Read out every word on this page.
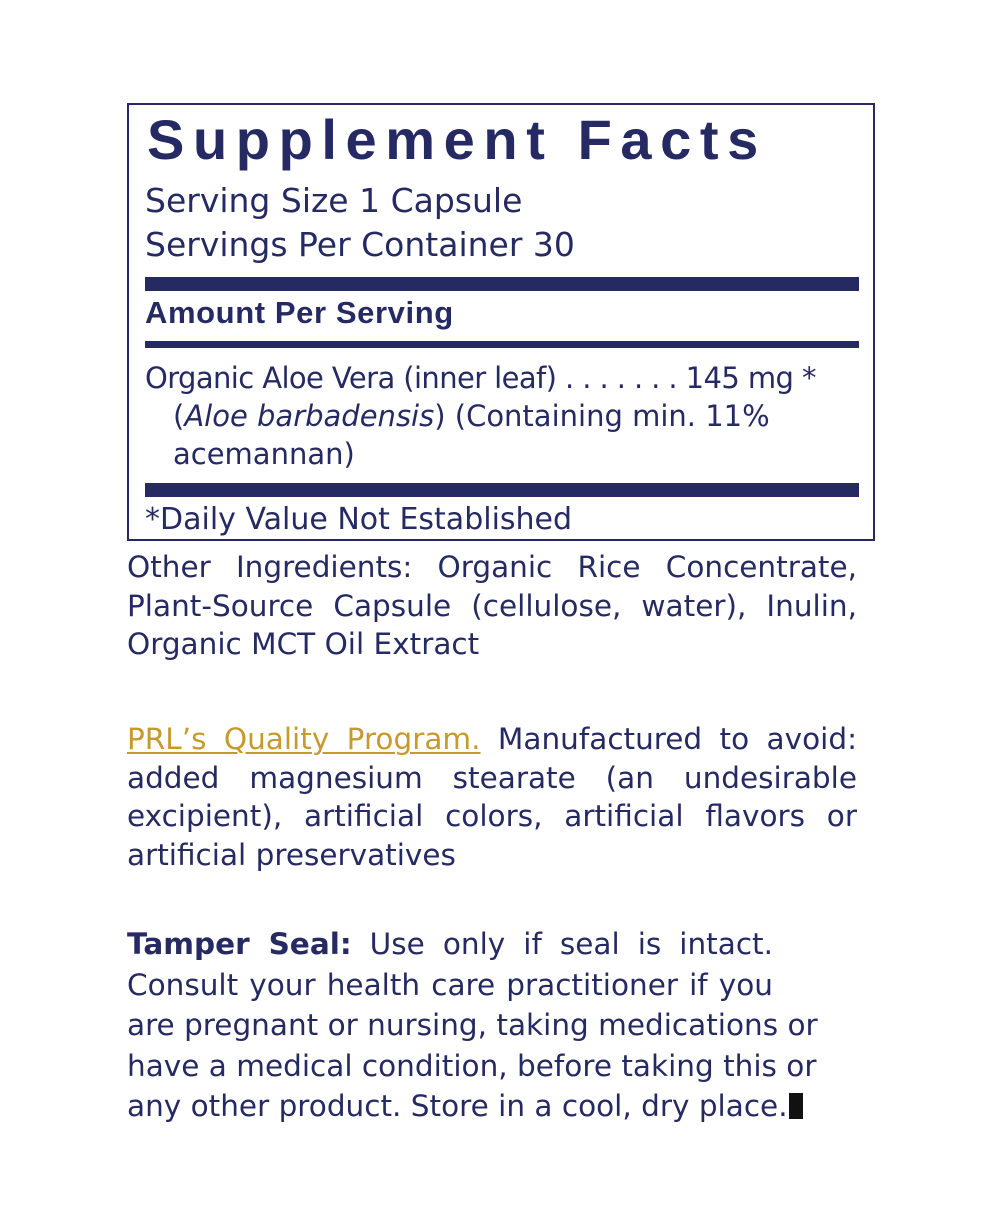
Supplement Facts
Serving Size 1 Capsule
Servings Per Container 30
Amount Per Serving
Organic Aloe Vera (inner leaf) . . . . . . . 145 mg *
(Aloe barbadensis) (Containing min. 11%
acemannan)
*Daily Value Not Established
Other Ingredients: Organic Rice Concentrate,
Plant-Source Capsule (cellulose, water), Inulin,
Organic MCT Oil Extract
PRL’s Quality Program. Manufactured to avoid:
added magnesium stearate (an undesirable
excipient), artificial colors, artificial flavors or
artificial preservatives
Tamper Seal: Use only if seal is intact.
Consult your health care practitioner if you
are pregnant or nursing, taking medications or
have a medical condition, before taking this or
any other product. Store in a cool, dry place.
